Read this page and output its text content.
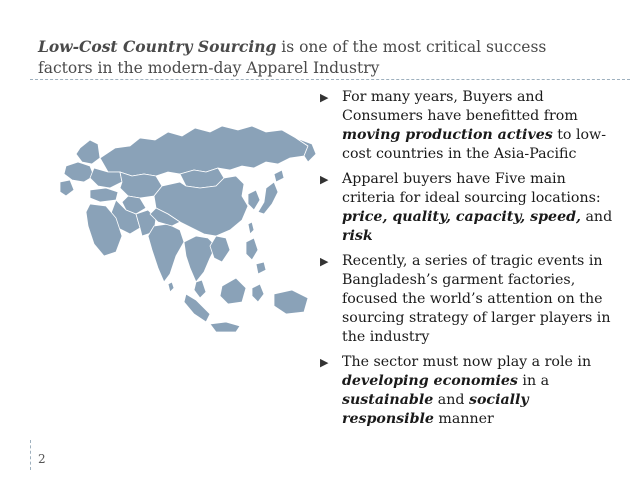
Low-Cost Country Sourcing is one of the most critical success factors in the modern-day Apparel Industry
▶ For many years, Buyers and Consumers have benefitted from moving production actives to low-cost countries in the Asia-Pacific
▶ Apparel buyers have Five main criteria for ideal sourcing locations: price, quality, capacity, speed, and risk
▶ Recently, a series of tragic events in Bangladesh’s garment factories, focused the world’s attention on the sourcing strategy of larger players in the industry
▶ The sector must now play a role in developing economies in a sustainable and socially responsible manner
2
